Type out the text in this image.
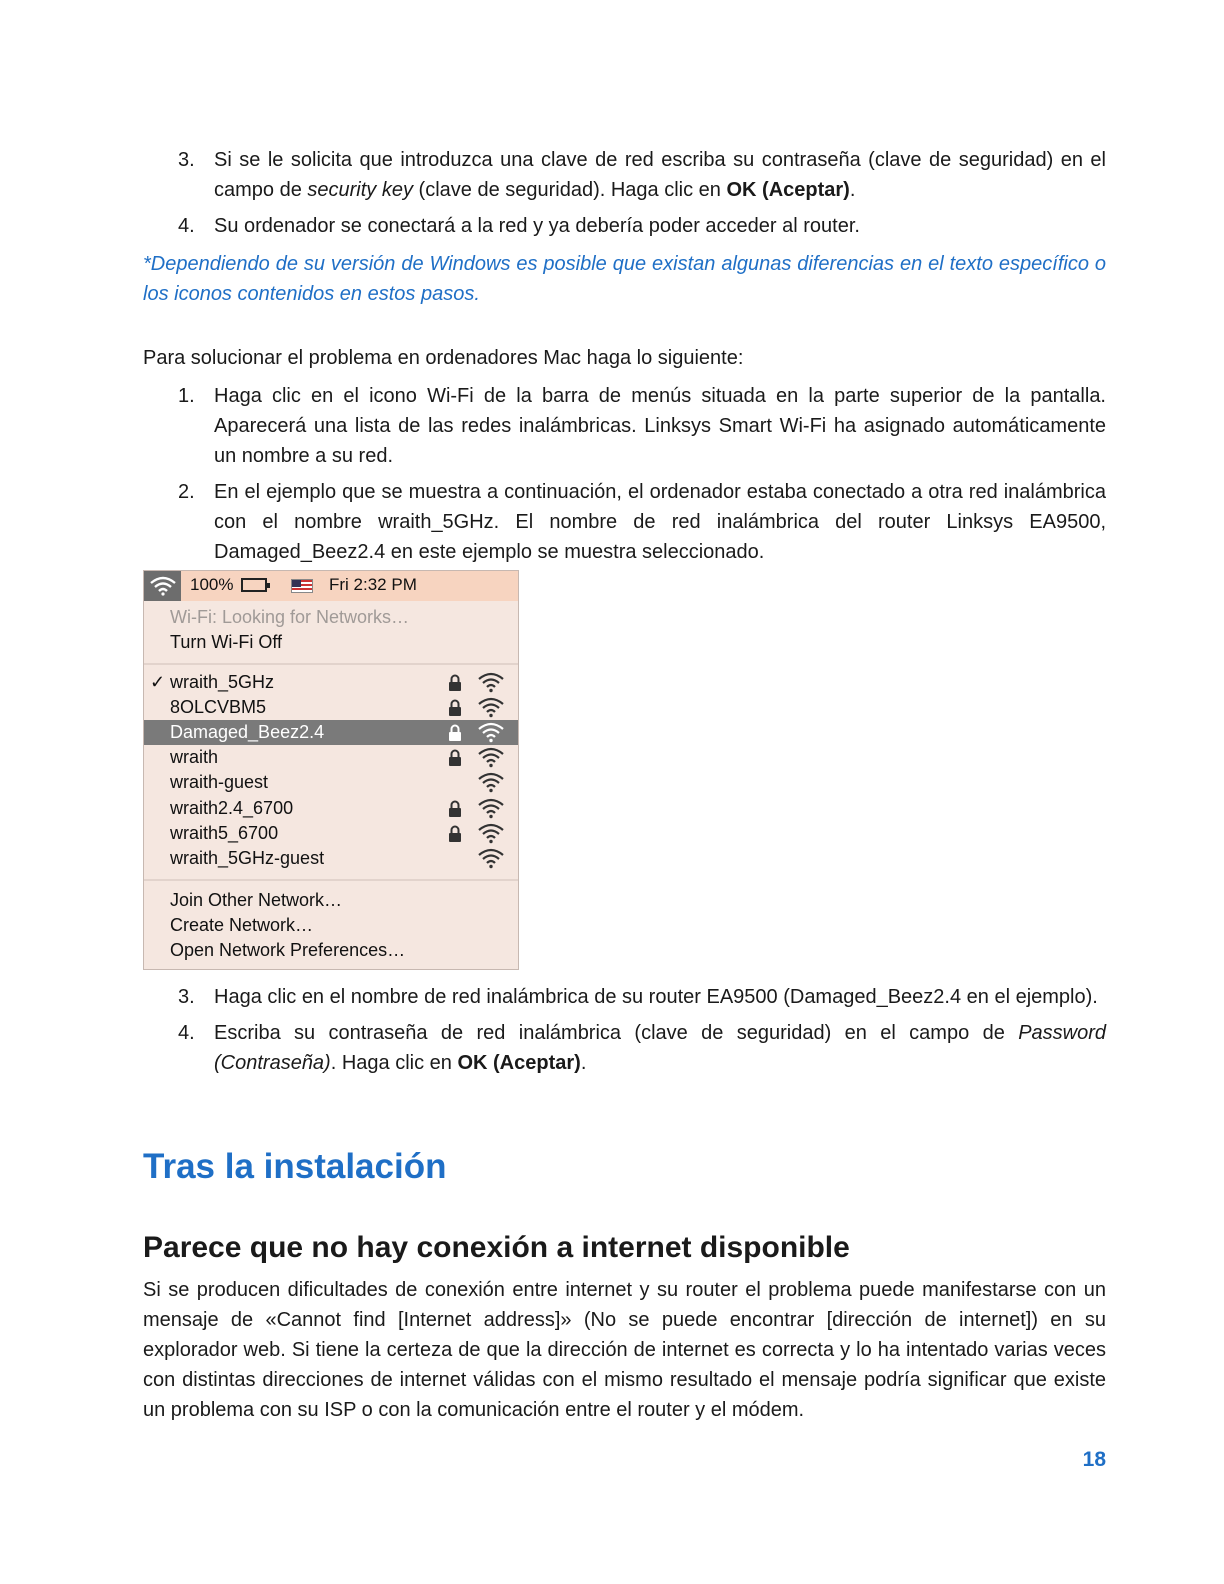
3. Si se le solicita que introduzca una clave de red escriba su contraseña (clave de seguridad) en el campo de security key (clave de seguridad). Haga clic en OK (Aceptar).
4. Su ordenador se conectará a la red y ya debería poder acceder al router.
*Dependiendo de su versión de Windows es posible que existan algunas diferencias en el texto específico o los iconos contenidos en estos pasos.
Para solucionar el problema en ordenadores Mac haga lo siguiente:
1. Haga clic en el icono Wi-Fi de la barra de menús situada en la parte superior de la pantalla. Aparecerá una lista de las redes inalámbricas. Linksys Smart Wi-Fi ha asignado automáticamente un nombre a su red.
2. En el ejemplo que se muestra a continuación, el ordenador estaba conectado a otra red inalámbrica con el nombre wraith_5GHz. El nombre de red inalámbrica del router Linksys EA9500, Damaged_Beez2.4 en este ejemplo se muestra seleccionado.
100%	Fri 2:32 PM
Wi-Fi: Looking for Networks…
Turn Wi-Fi Off
✓ wraith_5GHz
8OLCVBM5
Damaged_Beez2.4
wraith
wraith-guest
wraith2.4_6700
wraith5_6700
wraith_5GHz-guest
Join Other Network…
Create Network…
Open Network Preferences…
3. Haga clic en el nombre de red inalámbrica de su router EA9500 (Damaged_Beez2.4 en el ejemplo).
4. Escriba su contraseña de red inalámbrica (clave de seguridad) en el campo de Password (Contraseña). Haga clic en OK (Aceptar).
Tras la instalación
Parece que no hay conexión a internet disponible

Si se producen dificultades de conexión entre internet y su router el problema puede manifestarse con un mensaje de «Cannot find [Internet address]» (No se puede encontrar [dirección de internet]) en su explorador web. Si tiene la certeza de que la dirección de internet es correcta y lo ha intentado varias veces con distintas direcciones de internet válidas con el mismo resultado el mensaje podría significar que existe un problema con su ISP o con la comunicación entre el router y el módem.

18
